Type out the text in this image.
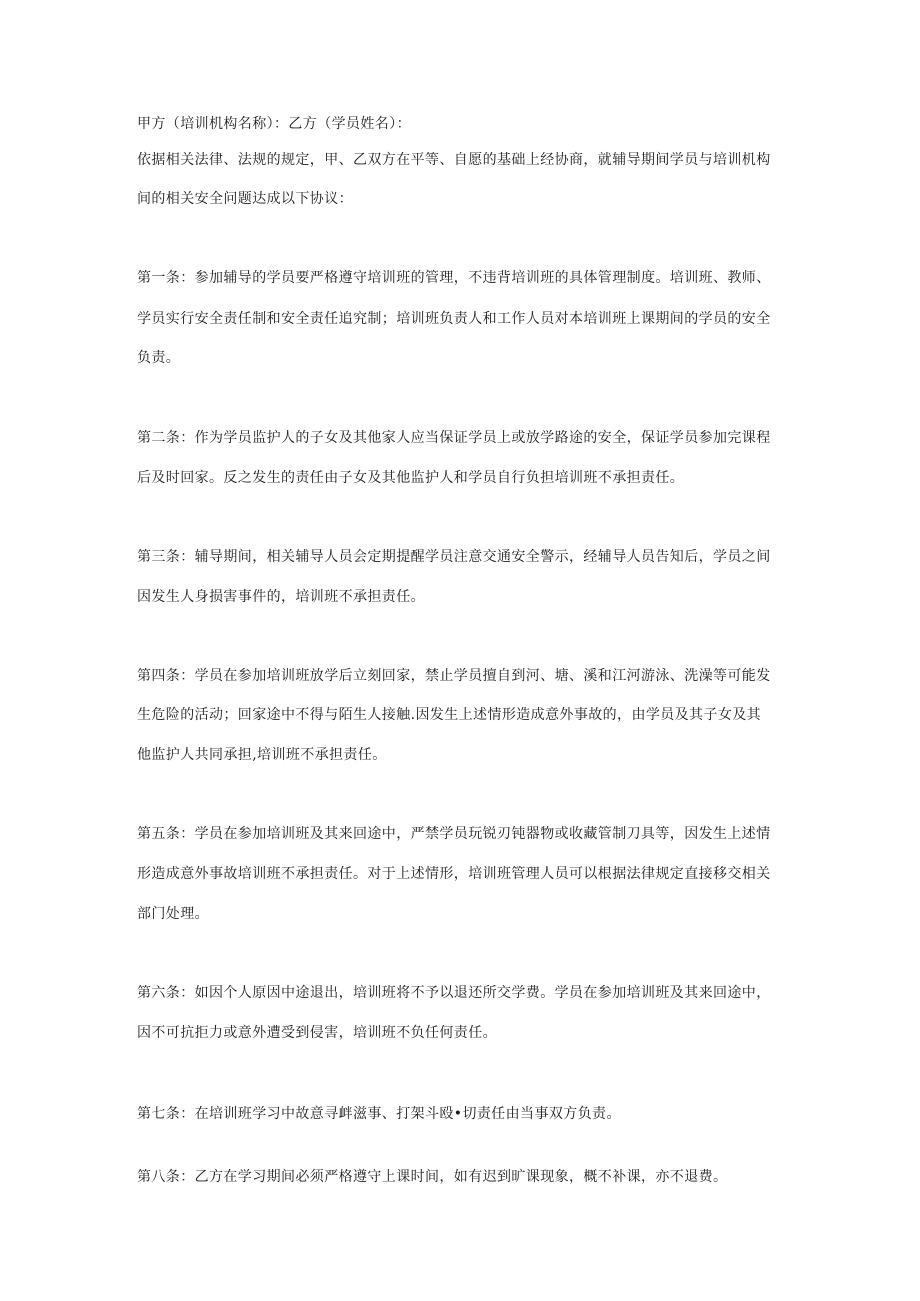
甲方（培训机构名称）：乙方（学员姓名）：

依据相关法律、法规的规定，甲、乙双方在平等、自愿的基础上经协商，就辅导期间学员与培训机构

间的相关安全问题达成以下协议：

第一条：参加辅导的学员要严格遵守培训班的管理，不违背培训班的具体管理制度。培训班、教师、

学员实行安全责任制和安全责任追究制；培训班负责人和工作人员对本培训班上课期间的学员的安全

负责。

第二条：作为学员监护人的子女及其他家人应当保证学员上或放学路途的安全，保证学员参加完课程

后及时回家。反之发生的责任由子女及其他监护人和学员自行负担培训班不承担责任。

第三条：辅导期间，相关辅导人员会定期提醒学员注意交通安全警示，经辅导人员告知后，学员之间

因发生人身损害事件的，培训班不承担责任。

第四条：学员在参加培训班放学后立刻回家，禁止学员擅自到河、塘、溪和江河游泳、洗澡等可能发

生危险的活动；回家途中不得与陌生人接触.因发生上述情形造成意外事故的，由学员及其子女及其

他监护人共同承担,培训班不承担责任。

第五条：学员在参加培训班及其来回途中，严禁学员玩锐刃钝器物或收藏管制刀具等，因发生上述情

形造成意外事故培训班不承担责任。对于上述情形，培训班管理人员可以根据法律规定直接移交相关

部门处理。

第六条：如因个人原因中途退出，培训班将不予以退还所交学费。学员在参加培训班及其来回途中，

因不可抗拒力或意外遭受到侵害，培训班不负任何责任。

第七条：在培训班学习中故意寻衅滋事、打架斗殴•切责任由当事双方负责。

第八条：乙方在学习期间必须严格遵守上课时间，如有迟到旷课现象，概不补课，亦不退费。
